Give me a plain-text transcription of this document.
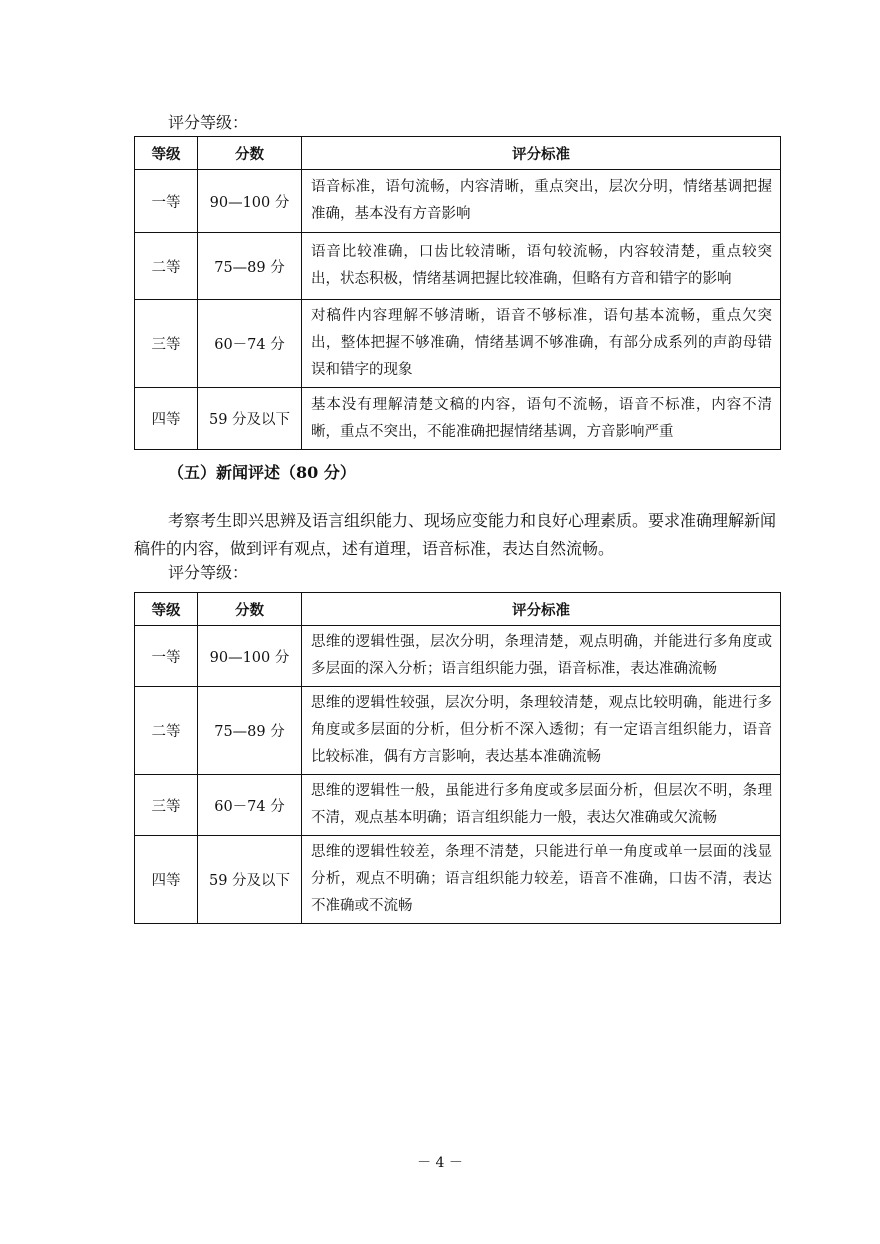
评分等级：
等级	分数	评分标准
一等	90—100 分	语音标准，语句流畅，内容清晰，重点突出，层次分明，情绪基调把握准确，基本没有方音影响
二等	75—89 分	语音比较准确，口齿比较清晰，语句较流畅，内容较清楚，重点较突出，状态积极，情绪基调把握比较准确，但略有方音和错字的影响
三等	60－74 分	对稿件内容理解不够清晰，语音不够标准，语句基本流畅，重点欠突出，整体把握不够准确，情绪基调不够准确，有部分成系列的声韵母错误和错字的现象
四等	59 分及以下	基本没有理解清楚文稿的内容，语句不流畅，语音不标准，内容不清晰，重点不突出，不能准确把握情绪基调，方音影响严重
（五）新闻评述（80 分）
考察考生即兴思辨及语言组织能力、现场应变能力和良好心理素质。要求准确理解新闻稿件的内容，做到评有观点，述有道理，语音标准，表达自然流畅。
评分等级：
等级	分数	评分标准
一等	90—100 分	思维的逻辑性强，层次分明，条理清楚，观点明确，并能进行多角度或多层面的深入分析；语言组织能力强，语音标准，表达准确流畅
二等	75—89 分	思维的逻辑性较强，层次分明，条理较清楚，观点比较明确，能进行多角度或多层面的分析，但分析不深入透彻；有一定语言组织能力，语音比较标准，偶有方言影响，表达基本准确流畅
三等	60－74 分	思维的逻辑性一般，虽能进行多角度或多层面分析，但层次不明，条理不清，观点基本明确；语言组织能力一般，表达欠准确或欠流畅
四等	59 分及以下	思维的逻辑性较差，条理不清楚，只能进行单一角度或单一层面的浅显分析，观点不明确；语言组织能力较差，语音不准确，口齿不清，表达不准确或不流畅
－ 4 －
